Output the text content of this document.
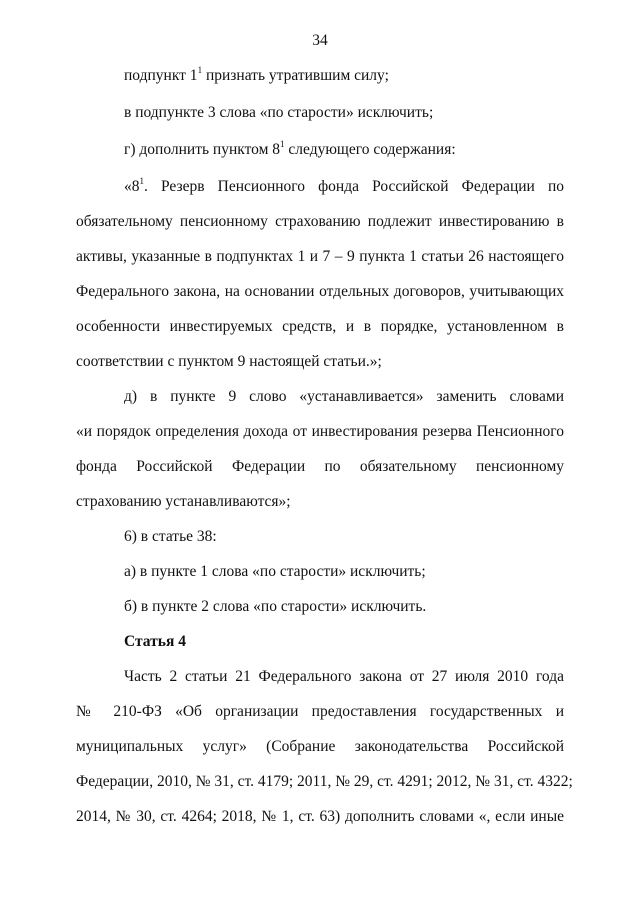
34
подпункт $1^1$ признать утратившим силу;
в подпункте 3 слова «по старости» исключить;
г) дополнить пунктом $8^1$ следующего содержания:
«$8^1$. Резерв Пенсионного фонда Российской Федерации по
обязательному пенсионному страхованию подлежит инвестированию в
активы, указанные в подпунктах 1 и 7 – 9 пункта 1 статьи 26 настоящего
Федерального закона, на основании отдельных договоров, учитывающих
особенности инвестируемых средств, и в порядке, установленном в
соответствии с пунктом 9 настоящей статьи.»;
д) в пункте 9 слово «устанавливается» заменить словами
«и порядок определения дохода от инвестирования резерва Пенсионного
фонда Российской Федерации по обязательному пенсионному
страхованию устанавливаются»;
6) в статье 38:
а) в пункте 1 слова «по старости» исключить;
б) в пункте 2 слова «по старости» исключить.
Статья 4
Часть 2 статьи 21 Федерального закона от 27 июля 2010 года
№ 210-ФЗ «Об организации предоставления государственных и
муниципальных услуг» (Собрание законодательства Российской
Федерации, 2010, № 31, ст. 4179; 2011, № 29, ст. 4291; 2012, № 31, ст. 4322;
2014, № 30, ст. 4264; 2018, № 1, ст. 63) дополнить словами «, если иные
